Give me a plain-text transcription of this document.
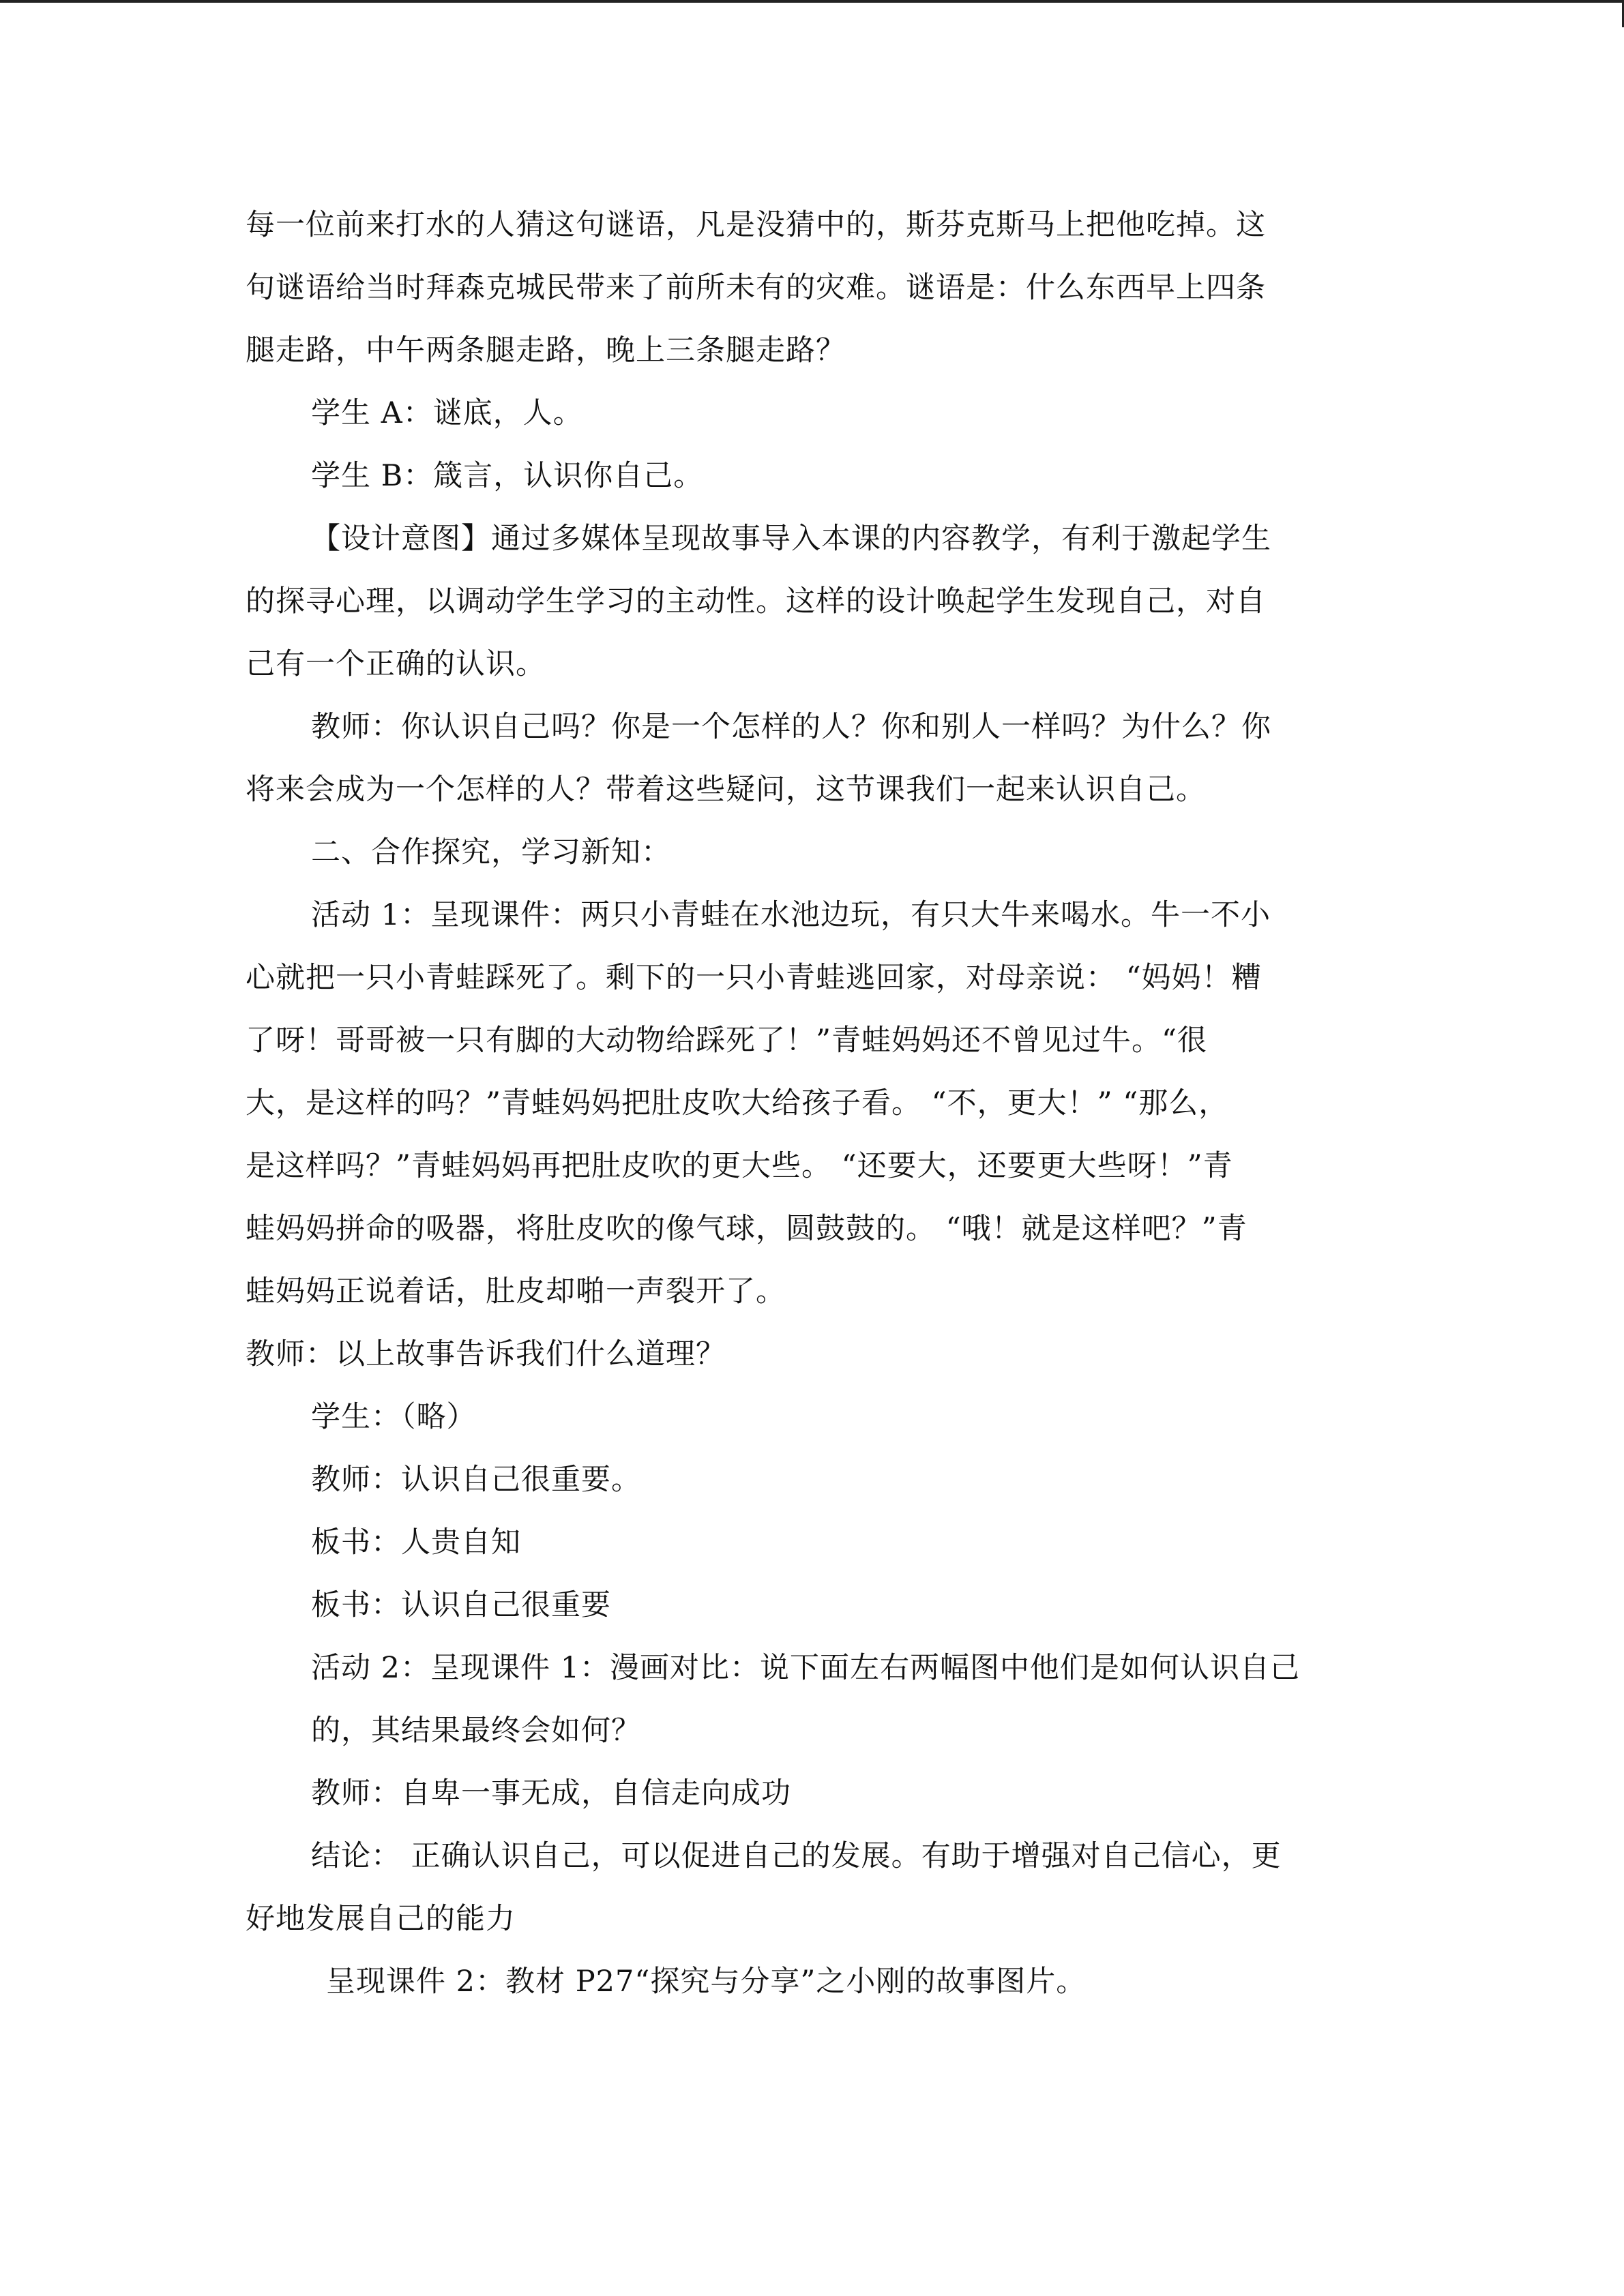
每一位前来打水的人猜这句谜语，凡是没猜中的，斯芬克斯马上把他吃掉。这
句谜语给当时拜森克城民带来了前所未有的灾难。谜语是：什么东西早上四条
腿走路，中午两条腿走路，晚上三条腿走路？
学生 A：谜底，人。
学生 B：箴言，认识你自己。
【设计意图】通过多媒体呈现故事导入本课的内容教学，有利于激起学生
的探寻心理，以调动学生学习的主动性。这样的设计唤起学生发现自己，对自
己有一个正确的认识。
教师：你认识自己吗？你是一个怎样的人？你和别人一样吗？为什么？你
将来会成为一个怎样的人？带着这些疑问，这节课我们一起来认识自己。
二、合作探究，学习新知：
活动 1：呈现课件：两只小青蛙在水池边玩，有只大牛来喝水。牛一不小
心就把一只小青蛙踩死了。剩下的一只小青蛙逃回家，对母亲说： “妈妈！糟
了呀！哥哥被一只有脚的大动物给踩死了！”青蛙妈妈还不曾见过牛。“很
大，是这样的吗？”青蛙妈妈把肚皮吹大给孩子看。 “不，更大！” “那么，
是这样吗？”青蛙妈妈再把肚皮吹的更大些。 “还要大，还要更大些呀！”青
蛙妈妈拼命的吸器，将肚皮吹的像气球，圆鼓鼓的。 “哦！就是这样吧？”青
蛙妈妈正说着话，肚皮却啪一声裂开了。
教师：以上故事告诉我们什么道理？
学生：（略）
教师：认识自己很重要。
板书：人贵自知
板书：认识自己很重要
活动 2：呈现课件 1：漫画对比：说下面左右两幅图中他们是如何认识自己
的，其结果最终会如何？
教师：自卑一事无成，自信走向成功
结论： 正确认识自己，可以促进自己的发展。有助于增强对自己信心，更
好地发展自己的能力
呈现课件 2：教材 P27“探究与分享”之小刚的故事图片。
